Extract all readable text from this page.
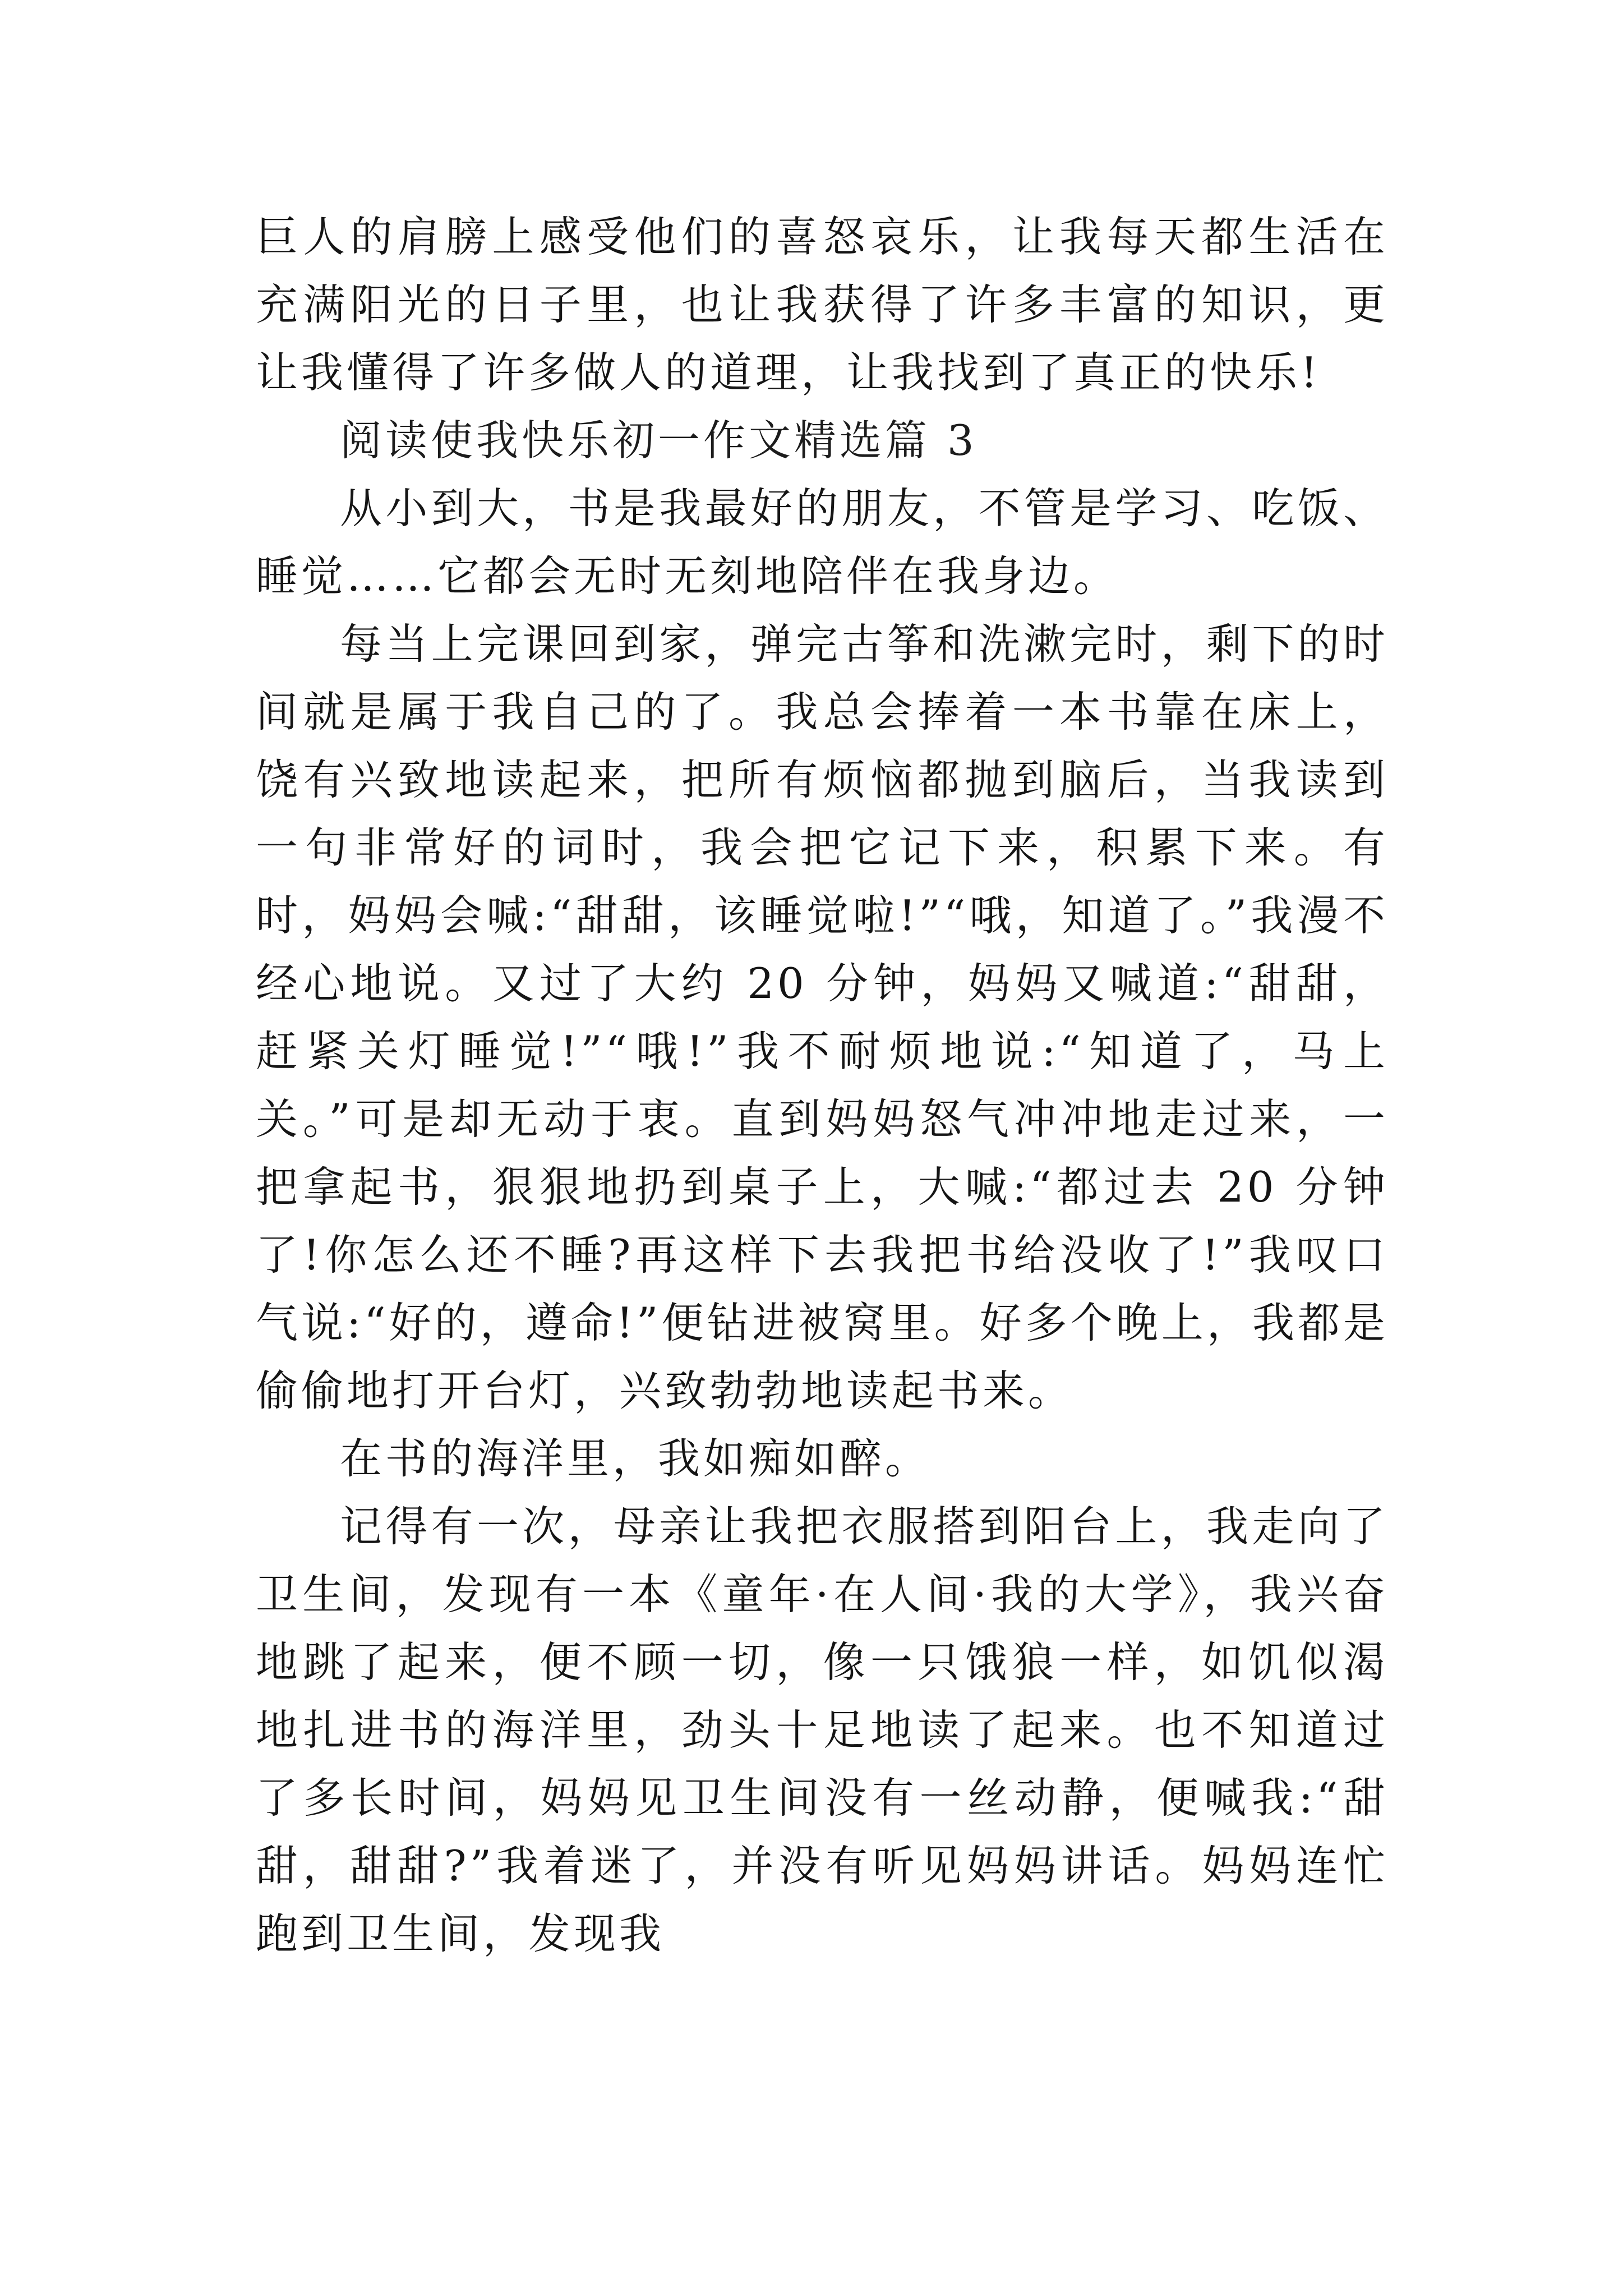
巨人的肩膀上感受他们的喜怒哀乐，让我每天都生活在充满阳光的日子里，也让我获得了许多丰富的知识，更让我懂得了许多做人的道理，让我找到了真正的快乐!

阅读使我快乐初一作文精选篇 3

从小到大，书是我最好的朋友，不管是学习、吃饭、睡觉……它都会无时无刻地陪伴在我身边。

每当上完课回到家，弹完古筝和洗漱完时，剩下的时间就是属于我自己的了。我总会捧着一本书靠在床上，饶有兴致地读起来，把所有烦恼都抛到脑后，当我读到一句非常好的词时，我会把它记下来，积累下来。有时，妈妈会喊:“甜甜，该睡觉啦!”“哦，知道了。”我漫不经心地说。又过了大约 20 分钟，妈妈又喊道:“甜甜，赶紧关灯睡觉!”“哦!”我不耐烦地说:“知道了，马上关。”可是却无动于衷。直到妈妈怒气冲冲地走过来，一把拿起书，狠狠地扔到桌子上，大喊:“都过去 20 分钟了!你怎么还不睡?再这样下去我把书给没收了!”我叹口气说:“好的，遵命!”便钻进被窝里。好多个晚上，我都是偷偷地打开台灯，兴致勃勃地读起书来。

在书的海洋里，我如痴如醉。

记得有一次，母亲让我把衣服搭到阳台上，我走向了卫生间，发现有一本《童年·在人间·我的大学》，我兴奋地跳了起来，便不顾一切，像一只饿狼一样，如饥似渴地扎进书的海洋里，劲头十足地读了起来。也不知道过了多长时间，妈妈见卫生间没有一丝动静，便喊我:“甜甜，甜甜?”我着迷了，并没有听见妈妈讲话。妈妈连忙跑到卫生间，发现我
